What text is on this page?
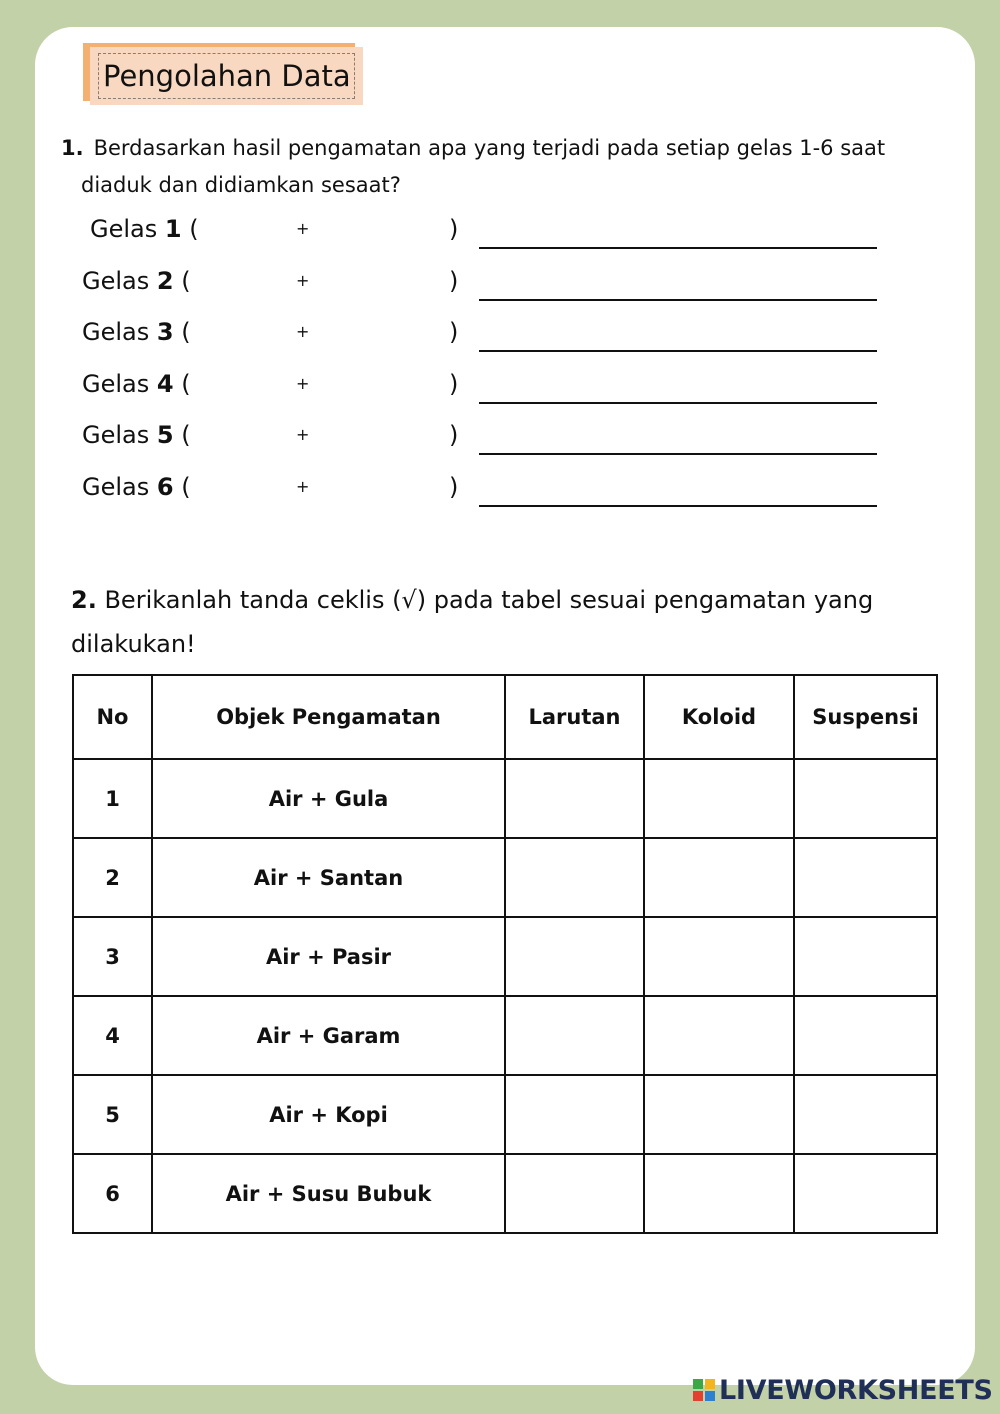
Pengolahan Data
1. Berdasarkan hasil pengamatan apa yang terjadi pada setiap gelas 1-6 saat
diaduk dan didiamkan sesaat?
Gelas 1 (	+	)
Gelas 2 (	+	)
Gelas 3 (	+	)
Gelas 4 (	+	)
Gelas 5 (	+	)
Gelas 6 (	+	)
2. Berikanlah tanda ceklis (√) pada tabel sesuai pengamatan yang
dilakukan!
No	Objek Pengamatan	Larutan	Koloid	Suspensi
1	Air + Gula			
2	Air + Santan			
3	Air + Pasir			
4	Air + Garam			
5	Air + Kopi			
6	Air + Susu Bubuk			
LIVEWORKSHEETS
